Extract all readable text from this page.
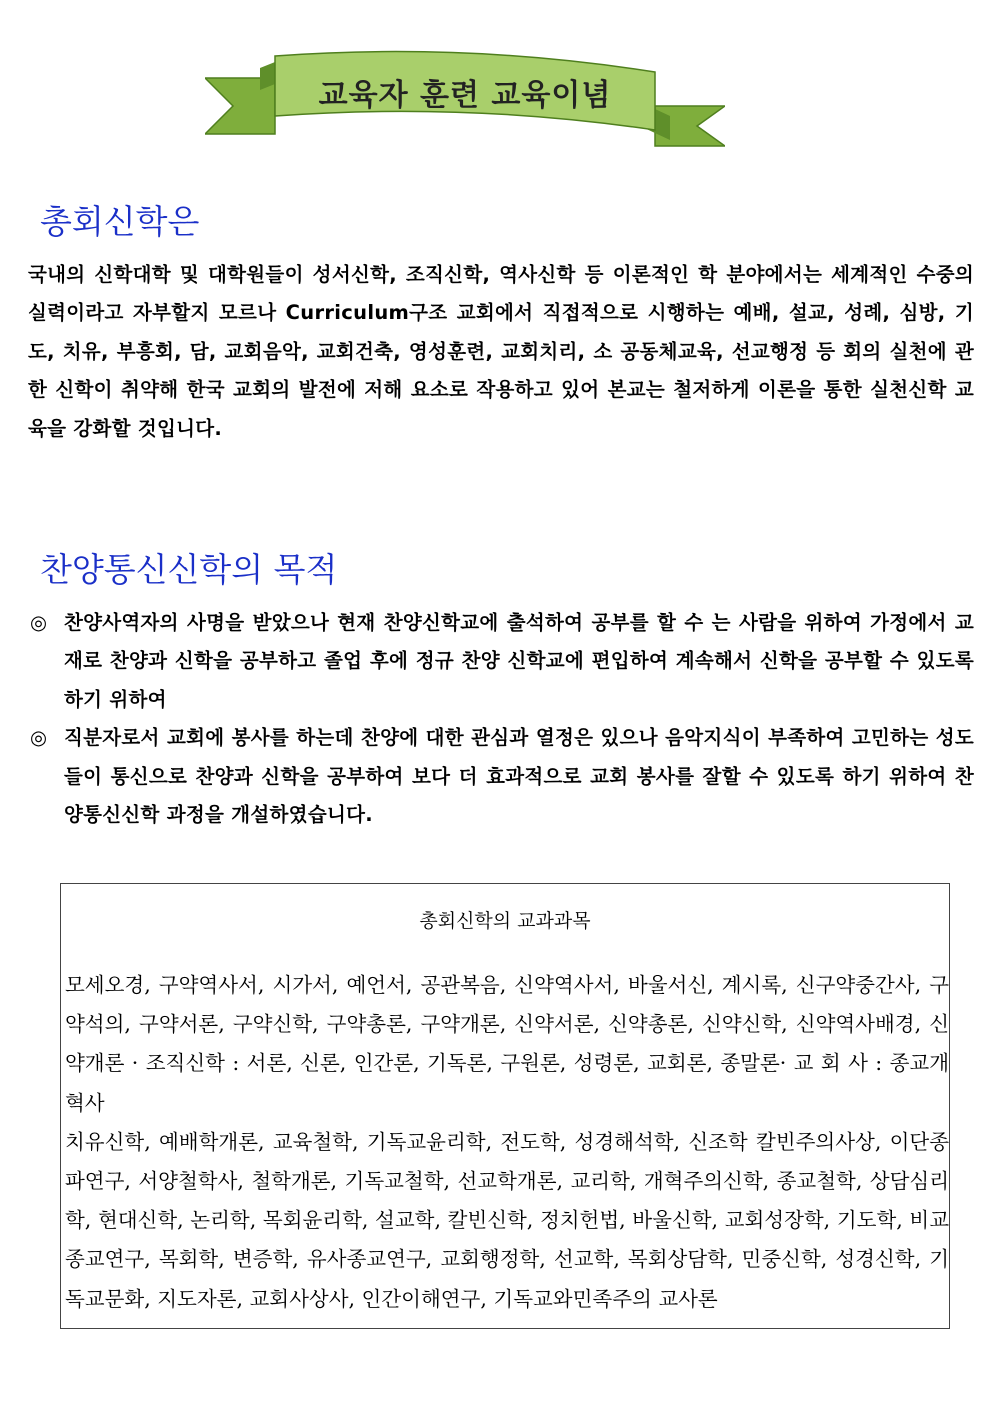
교육자 훈련 교육이념
총회신학은

국내의 신학대학 및 대학원들이 성서신학, 조직신학, 역사신학 등 이론적인 학 분야에서는 세계적인 수중의 실력이라고 자부할지 모르나 Curriculum구조 교회에서 직접적으로 시행하는 예배, 설교, 성례, 심방, 기도, 치유, 부흥회, 담, 교회음악, 교회건축, 영성훈련, 교회치리, 소 공동체교육, 선교행정 등 회의 실천에 관한 신학이 취약해 한국 교회의 발전에 저해 요소로 작용하고 있어 본교는 철저하게 이론을 통한 실천신학 교육을 강화할 것입니다.

찬양통신신학의 목적
◎ 찬양사역자의 사명을 받았으나 현재 찬양신학교에 출석하여 공부를 할 수 는 사람을 위하여 가정에서 교재로 찬양과 신학을 공부하고 졸업 후에 정규 찬양 신학교에 편입하여 계속해서 신학을 공부할 수 있도록 하기 위하여
◎ 직분자로서 교회에 봉사를 하는데 찬양에 대한 관심과 열정은 있으나 음악지식이 부족하여 고민하는 성도들이 통신으로 찬양과 신학을 공부하여 보다 더 효과적으로 교회 봉사를 잘할 수 있도록 하기 위하여 찬양통신신학 과정을 개설하였습니다.
총회신학의 교과과목

모세오경, 구약역사서, 시가서, 예언서, 공관복음, 신약역사서, 바울서신, 계시록, 신구약중간사, 구약석의, 구약서론, 구약신학, 구약총론, 구약개론, 신약서론, 신약총론, 신약신학, 신약역사배경, 신약개론 · 조직신학 : 서론, 신론, 인간론, 기독론, 구원론, 성령론, 교회론, 종말론· 교 회 사 : 종교개혁사

치유신학, 예배학개론, 교육철학, 기독교윤리학, 전도학, 성경해석학, 신조학 칼빈주의사상, 이단종파연구, 서양철학사, 철학개론, 기독교철학, 선교학개론, 교리학, 개혁주의신학, 종교철학, 상담심리학, 현대신학, 논리학, 목회윤리학, 설교학, 칼빈신학, 정치헌법, 바울신학, 교회성장학, 기도학, 비교종교연구, 목회학, 변증학, 유사종교연구, 교회행정학, 선교학, 목회상담학, 민중신학, 성경신학, 기독교문화, 지도자론, 교회사상사, 인간이해연구, 기독교와민족주의 교사론
